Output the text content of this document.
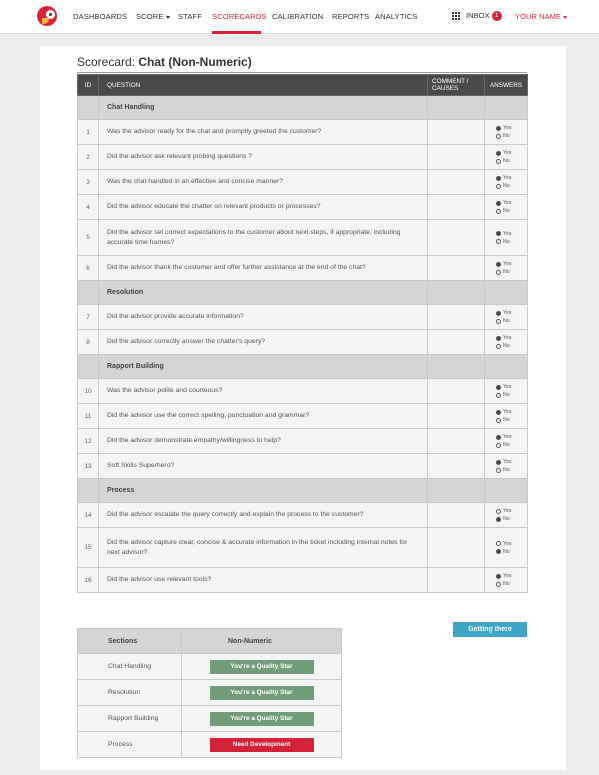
DASHBOARDS SCORE	STAFF SCORECARDS CALIBRATION REPORTS ANALYTICS	INBOX 1	YOUR NAME
Scorecard: Chat (Non-Numeric)
ID	QUESTION	COMMENT / CAUSES	ANSWERS
	Chat Handling		
1	Was the advisor ready for the chat and promptly greeted the customer?		Yes
No

2	Did the advisor ask relevant probing questions ?		Yes
No

3	Was the chat handled in an effective and concise manner?		Yes
No

4	Did the advisor educate the chatter on relevant products or processes?		Yes
No

5	Did the advisor set correct expectations to the customer about next steps, if appropriate, including accurate time frames?		Yes
No

6	Did the advisor thank the customer and offer further assistance at the end of the chat?		Yes
No

	Resolution		
7	Did the advisor provide accurate information?		Yes
No

8	Did the advisor correctly answer the chatter's query?		Yes
No

	Rapport Building		
10	Was the advisor polite and courteous?		Yes
No

11	Did the advisor use the correct spelling, punctuation and grammar?		Yes
No

12	Did the advisor demonstrate empathy/willingness to help?		Yes
No

13	Soft Skills Superhero?		Yes
No

	Process		
14	Did the advisor escalate the query correctly and explain the process to the customer?		Yes
No

15	Did the advisor capture clear, concise & accurate information in the ticket including internal notes for next advisor?		Yes
No

16	Did the advisor use relevant tools?		Yes
No
Getting there
Sections	Non-Numeric
Chat Handling	You're a Quality Star
Resolution	You're a Quality Star
Rapport Building	You're a Quality Star
Process	Need Development
